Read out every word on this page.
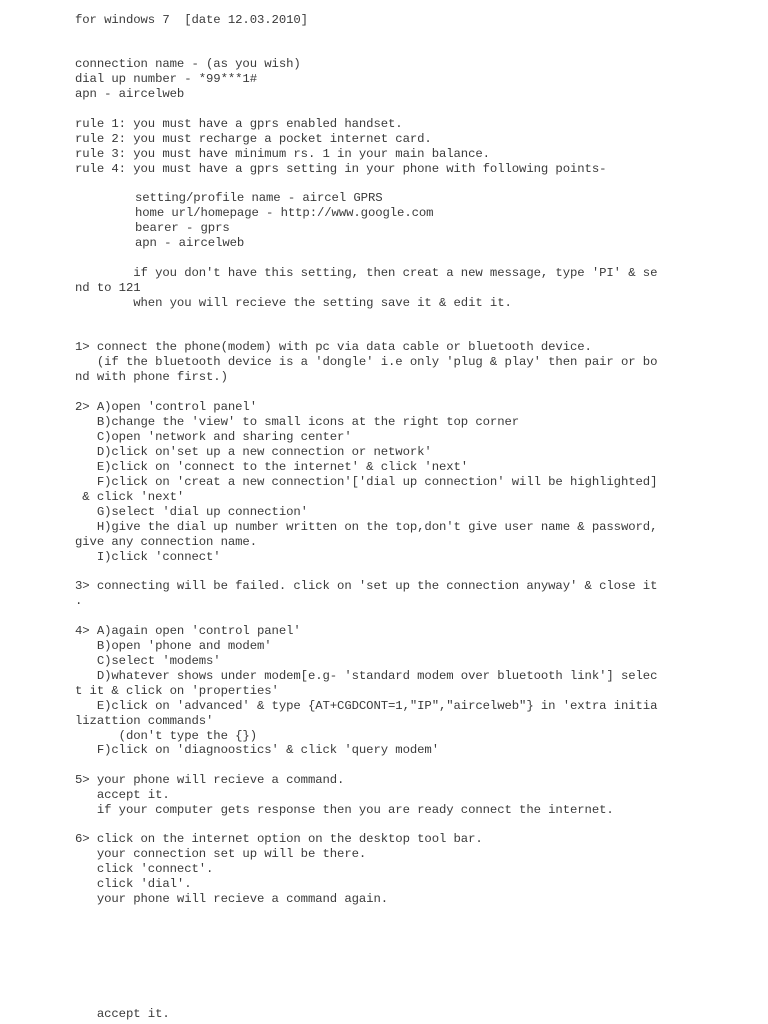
for windows 7  [date 12.03.2010]

connection name - (as you wish)

dial up number - *99***1#

apn - aircelweb

rule 1: you must have a gprs enabled handset.

rule 2: you must recharge a pocket internet card.

rule 3: you must have minimum rs. 1 in your main balance.

rule 4: you must have a gprs setting in your phone with following points-

setting/profile name - aircel GPRS

home url/homepage - http://www.google.com

bearer - gprs

apn - aircelweb

if you don't have this setting, then creat a new message, type 'PI' & se

nd to 121

when you will recieve the setting save it & edit it.

1> connect the phone(modem) with pc via data cable or bluetooth device.

(if the bluetooth device is a 'dongle' i.e only 'plug & play' then pair or bo

nd with phone first.)

2> A)open 'control panel'

B)change the 'view' to small icons at the right top corner

C)open 'network and sharing center'

D)click on'set up a new connection or network'

E)click on 'connect to the internet' & click 'next'

F)click on 'creat a new connection'['dial up connection' will be highlighted]

& click 'next'

G)select 'dial up connection'

H)give the dial up number written on the top,don't give user name & password,

give any connection name.

I)click 'connect'

3> connecting will be failed. click on 'set up the connection anyway' & close it

.

4> A)again open 'control panel'

B)open 'phone and modem'

C)select 'modems'

D)whatever shows under modem[e.g- 'standard modem over bluetooth link'] selec

t it & click on 'properties'

E)click on 'advanced' & type {AT+CGDCONT=1,"IP","aircelweb"} in 'extra initia

lizattion commands'

(don't type the {})

F)click on 'diagnoostics' & click 'query modem'

5> your phone will recieve a command.

accept it.

if your computer gets response then you are ready connect the internet.

6> click on the internet option on the desktop tool bar.

your connection set up will be there.

click 'connect'.

click 'dial'.

your phone will recieve a command again.

accept it.
